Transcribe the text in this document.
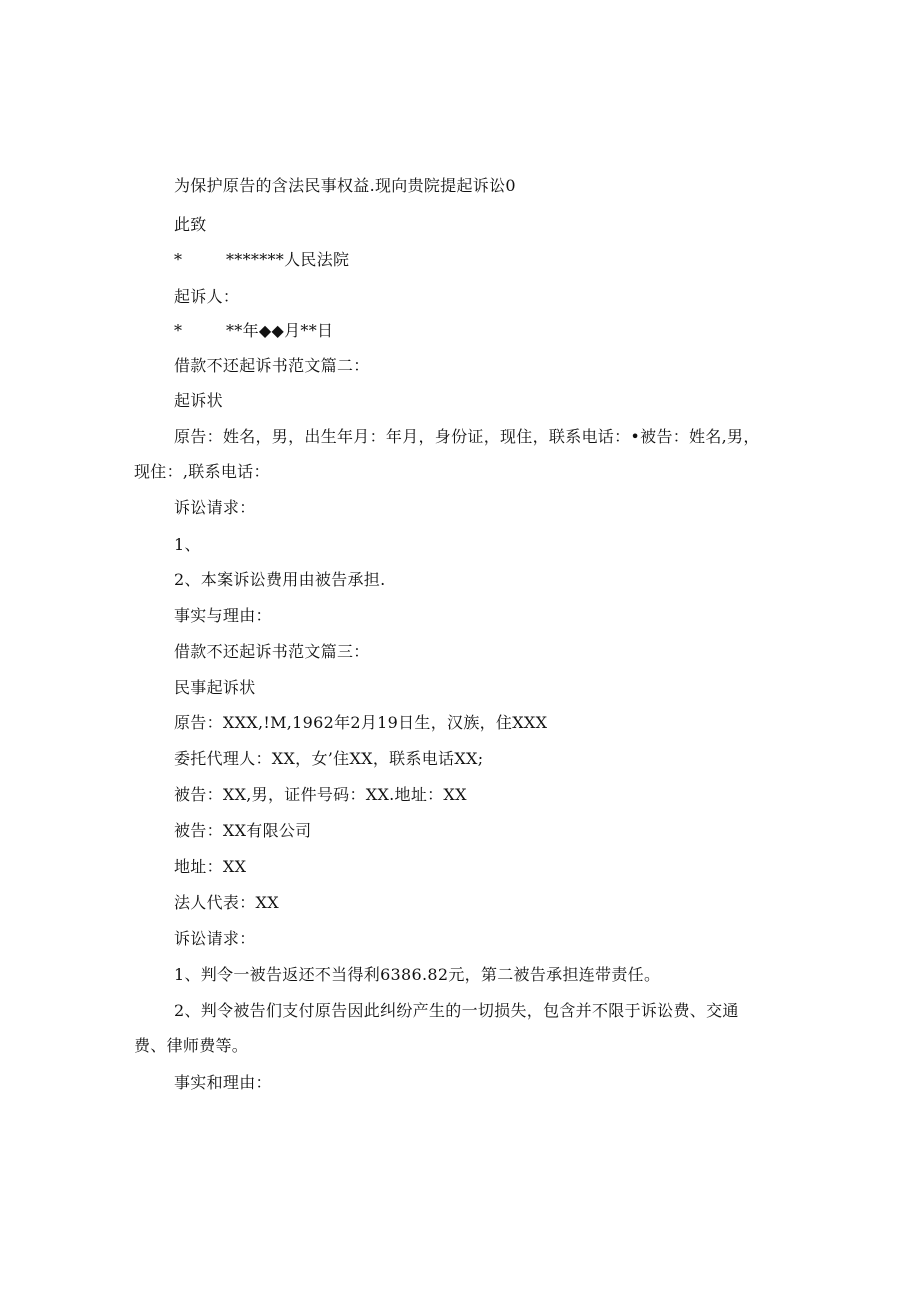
为保护原告的含法民事权益.现向贵院提起诉讼0
此致
*	*******人民法院
起诉人：
*	**年◆◆月**日
借款不还起诉书范文篇二：
起诉状
原告：姓名，男，出生年月：年月，身份证，现住，联系电话：•被告：姓名,男，
现住：,联系电话：
诉讼请求：
1、
2、本案诉讼费用由被告承担.
事实与理由：
借款不还起诉书范文篇三：
民事起诉状
原告：XXX,!M,1962年2月19日生，汉族，住XXX
委托代理人：XX，女’住XX，联系电话XX;
被告：XX,男，证件号码：XX.地址：XX
被告：XX有限公司
地址：XX
法人代表：XX
诉讼请求：
1、判令一被告返还不当得利6386.82元，第二被告承担连带责任。
2、判令被告们支付原告因此纠纷产生的一切损失，包含并不限于诉讼费、交通
费、律师费等。
事实和理由：
